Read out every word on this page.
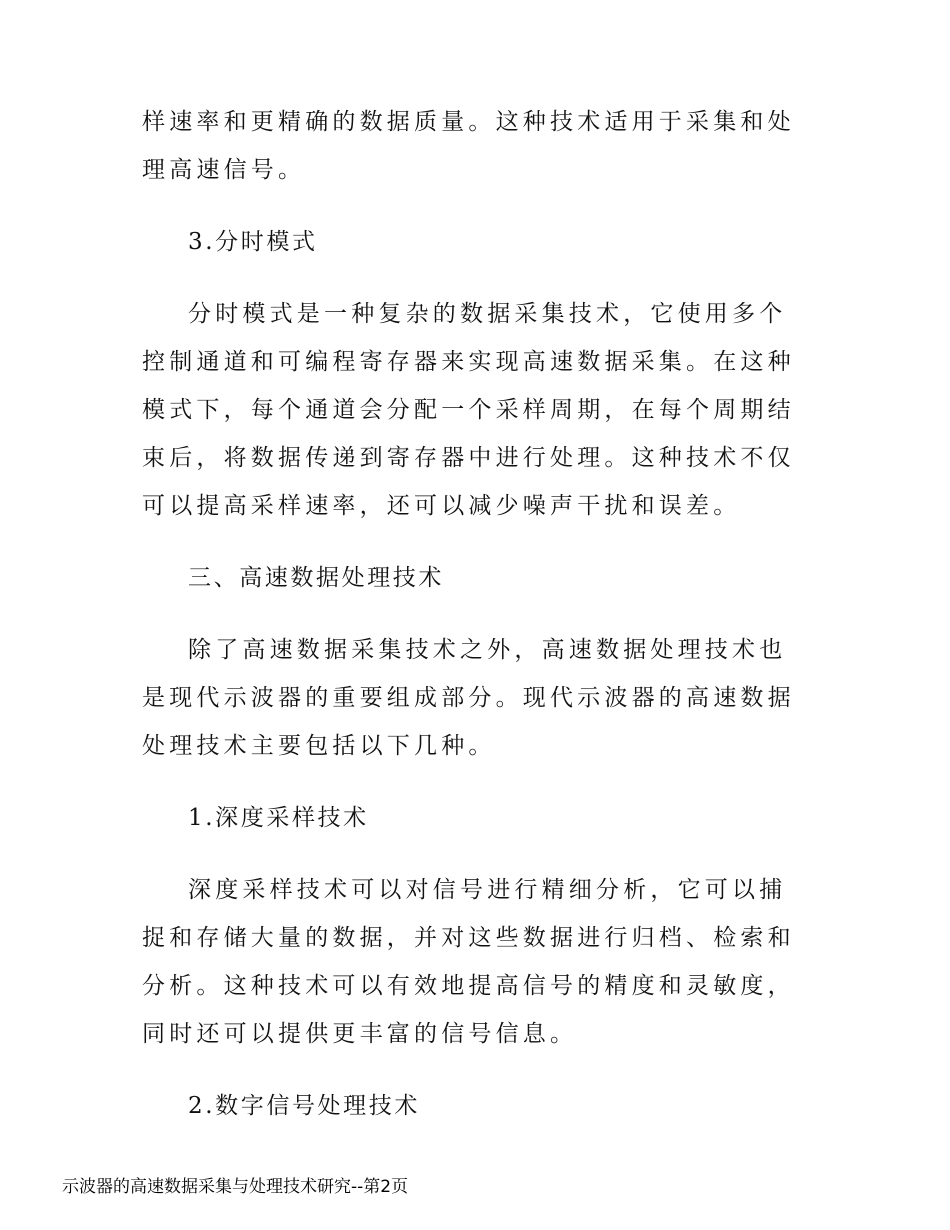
样速率和更精确的数据质量。这种技术适用于采集和处理高速信号。

3.分时模式

分时模式是一种复杂的数据采集技术，它使用多个控制通道和可编程寄存器来实现高速数据采集。在这种模式下，每个通道会分配一个采样周期，在每个周期结束后，将数据传递到寄存器中进行处理。这种技术不仅可以提高采样速率，还可以减少噪声干扰和误差。

三、高速数据处理技术

除了高速数据采集技术之外，高速数据处理技术也是现代示波器的重要组成部分。现代示波器的高速数据处理技术主要包括以下几种。

1.深度采样技术

深度采样技术可以对信号进行精细分析，它可以捕捉和存储大量的数据，并对这些数据进行归档、检索和分析。这种技术可以有效地提高信号的精度和灵敏度，同时还可以提供更丰富的信号信息。

2.数字信号处理技术

示波器的高速数据采集与处理技术研究--第2页
